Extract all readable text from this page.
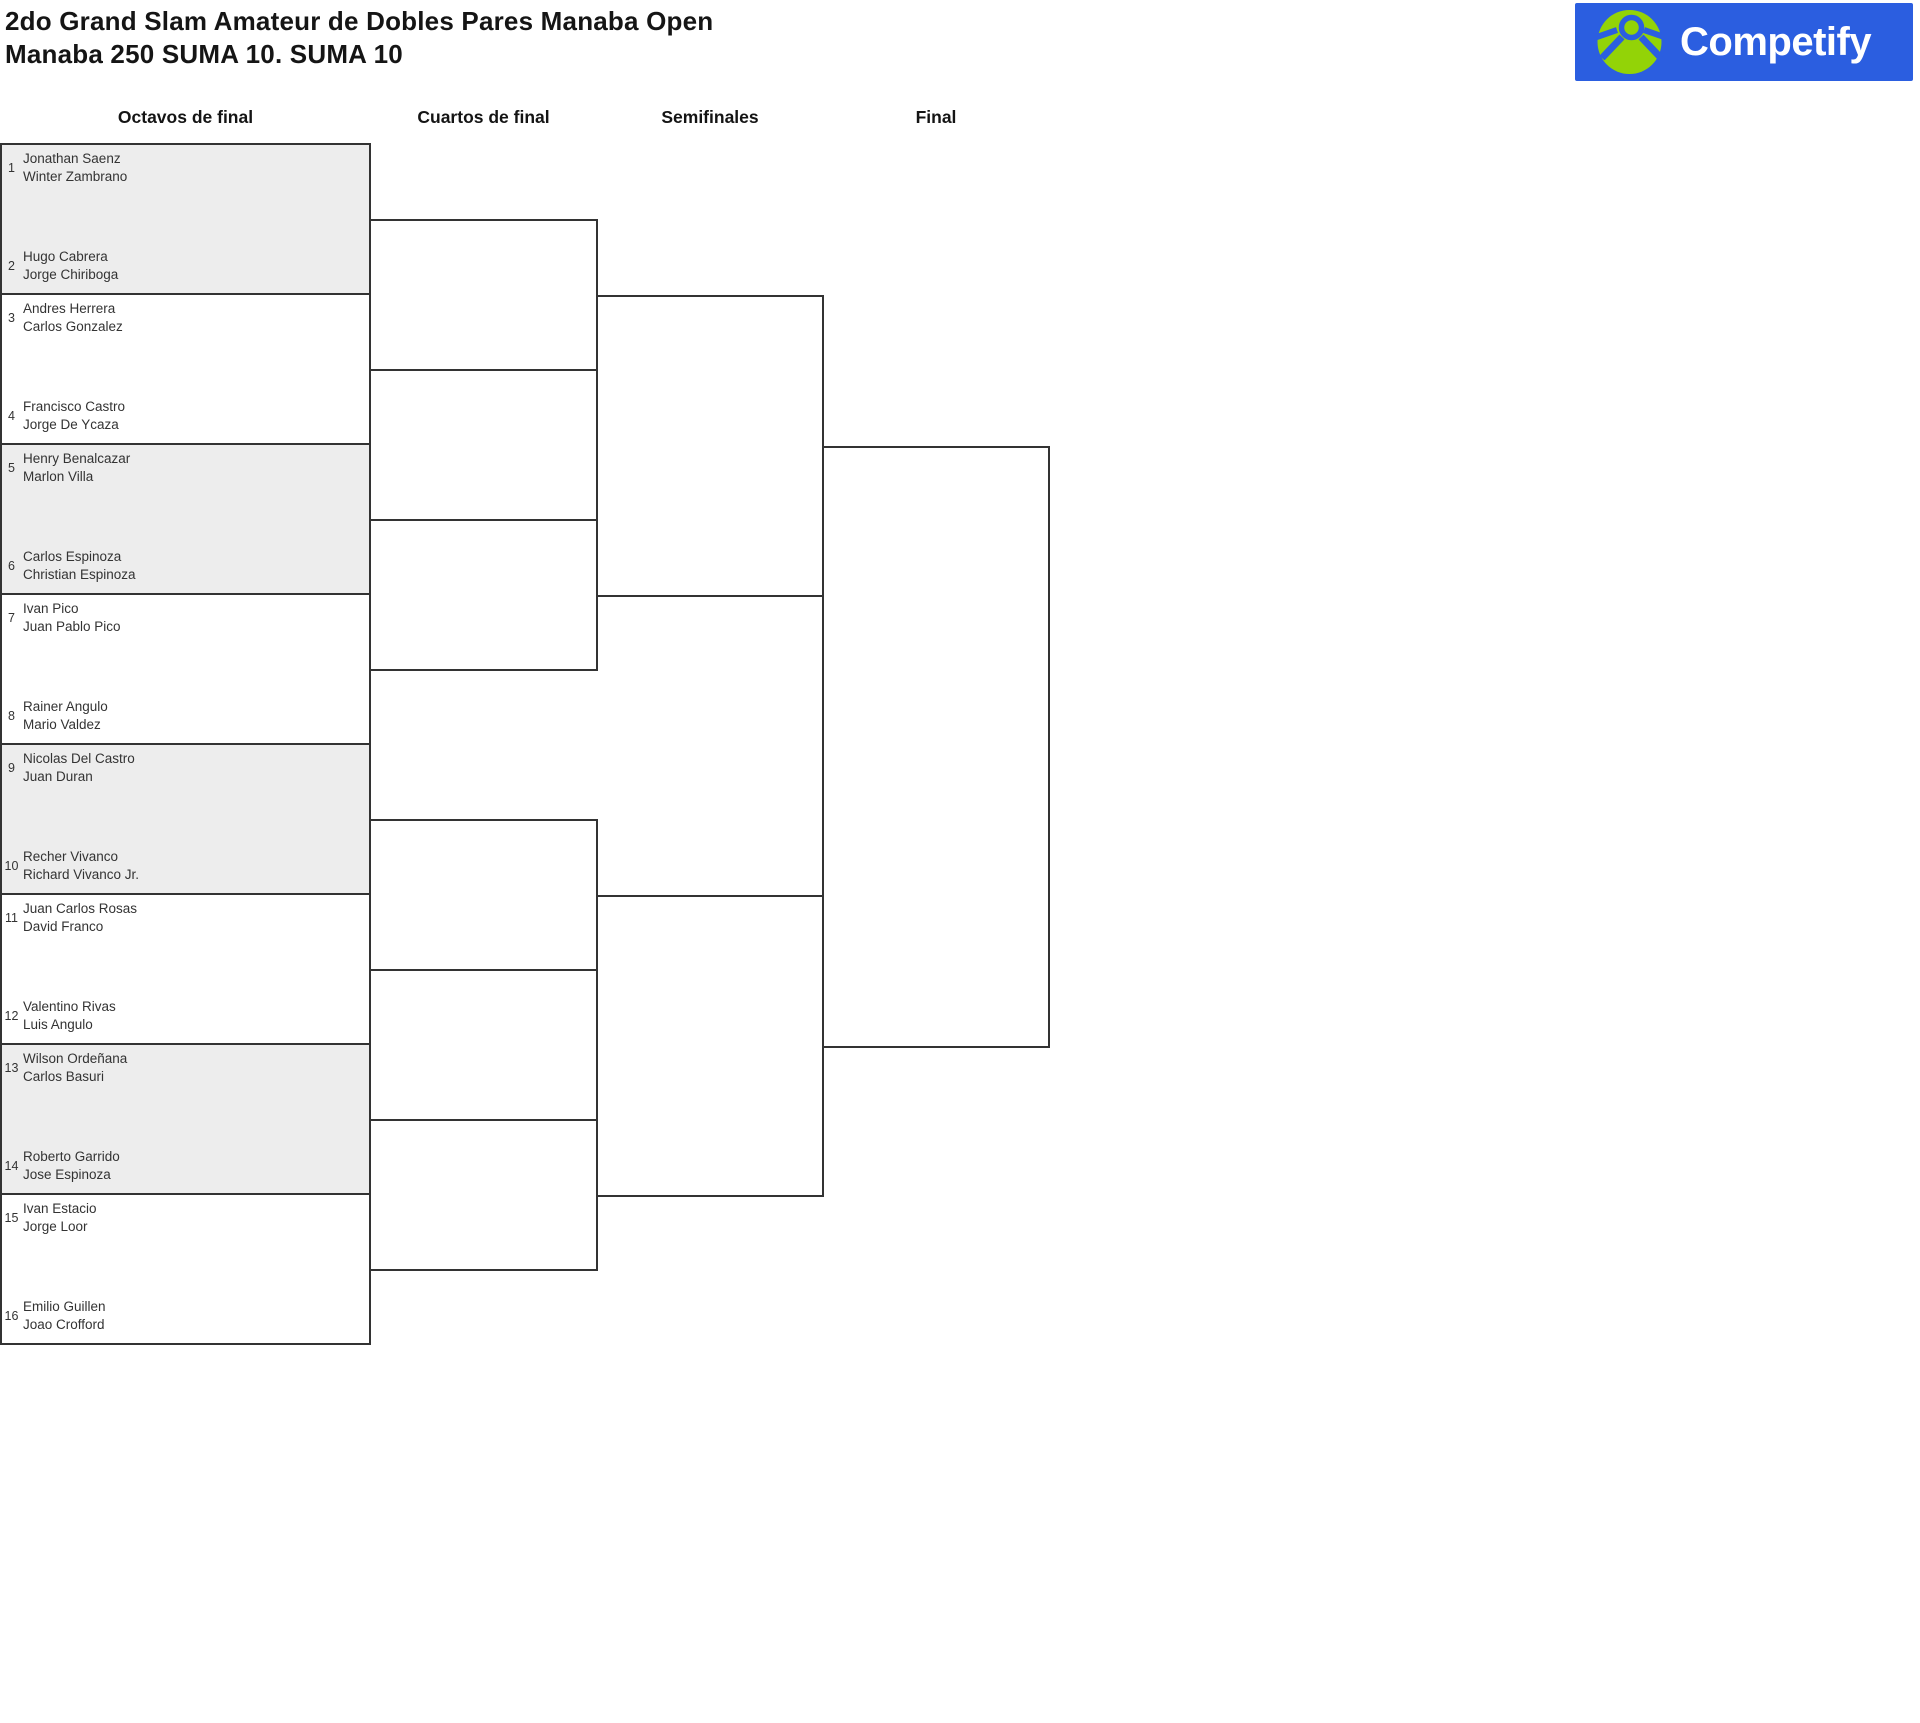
2do Grand Slam Amateur de Dobles Pares Manaba Open
Manaba 250 SUMA 10. SUMA 10	Competify
Octavos de final	Cuartos de final	Semifinales	Final
1
Jonathan Saenz
Winter Zambrano
2
Hugo Cabrera
Jorge Chiriboga
3
Andres Herrera
Carlos Gonzalez
4
Francisco Castro
Jorge De Ycaza
5
Henry Benalcazar
Marlon Villa
6
Carlos Espinoza
Christian Espinoza
7
Ivan Pico
Juan Pablo Pico
8
Rainer Angulo
Mario Valdez
9
Nicolas Del Castro
Juan Duran
10
Recher Vivanco
Richard Vivanco Jr.
11
Juan Carlos Rosas
David Franco
12
Valentino Rivas
Luis Angulo
13
Wilson Ordeñana
Carlos Basuri
14
Roberto Garrido
Jose Espinoza
15
Ivan Estacio
Jorge Loor
16
Emilio Guillen
Joao Crofford
